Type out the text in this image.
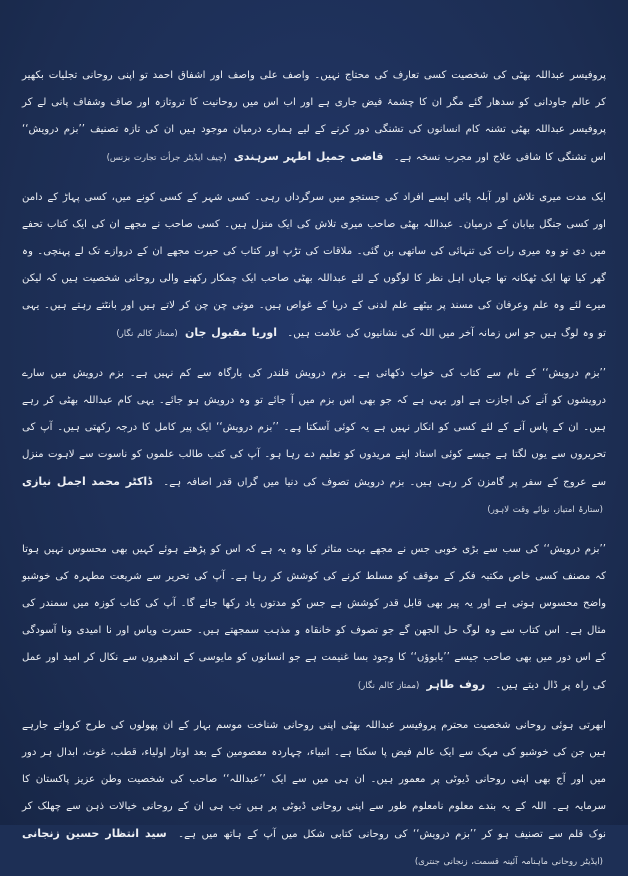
پروفیسر عبداللہ بھٹی کی شخصیت کسی تعارف کی محتاج نہیں۔ واصف علی واصف اور اشفاق احمد تو اپنی روحانی تجلیات بکھیر کر عالم جاودانی کو سدھار گئے مگر ان کا چشمۂ فیض جاری ہے اور اب اس میں روحانیت کا تروتازہ اور صاف وشفاف پانی لے کر پروفیسر عبداللہ بھٹی تشنہ کام انسانوں کی تشنگی دور کرنے کے لیے ہمارے درمیان موجود ہیں ان کی تازہ تصنیف ’’بزم درویش‘‘ اس تشنگی کا شافی علاج اور مجرب نسخہ ہے۔ قاضی جمیل اطہر سرہندی (چیف ایڈیٹر جرأت تجارت بزنس)

ایک مدت میری تلاش اور آبلہ پائی ایسے افراد کی جستجو میں سرگرداں رہی۔ کسی شہر کے کسی کونے میں، کسی پہاڑ کے دامن اور کسی جنگل بیابان کے درمیان۔ عبداللہ بھٹی صاحب میری تلاش کی ایک منزل ہیں۔ کسی صاحب نے مجھے ان کی ایک کتاب تحفے میں دی تو وہ میری رات کی تنہائی کی ساتھی بن گئی۔ ملاقات کی تڑپ اور کتاب کی حیرت مجھے ان کے دروازے تک لے پہنچی۔ وہ گھر کیا تھا ایک ٹھکانہ تھا جہاں اہل نظر کا لوگوں کے لئے عبداللہ بھٹی صاحب ایک چمکار رکھنے والی روحانی شخصیت ہیں کہ لیکن میرے لئے وہ علم وعرفان کی مسند پر بیٹھے علم لدنی کے دریا کے غواص ہیں۔ موتی چن چن کر لاتے ہیں اور بانٹتے رہتے ہیں۔ یہی تو وہ لوگ ہیں جو اس زمانہ آخر میں اللہ کی نشانیوں کی علامت ہیں۔ اوریا مقبول جان (ممتاز کالم نگار)

’’بزم درویش‘‘ کے نام سے کتاب کی خواب دکھاتی ہے۔ بزم درویش قلندر کی بارگاہ سے کم نہیں ہے۔ بزم درویش میں سارے درویشوں کو آنے کی اجازت ہے اور یہی ہے کہ جو بھی اس بزم میں آ جائے تو وہ درویش ہو جائے۔ یہی کام عبداللہ بھٹی کر رہے ہیں۔ ان کے پاس آنے کے لئے کسی کو انکار نہیں ہے یہ کوئی آسکتا ہے۔ ’’بزم درویش‘‘ ایک پیر کامل کا درجہ رکھتی ہیں۔ آپ کی تحریروں سے یوں لگتا ہے جیسے کوئی استاد اپنے مریدوں کو تعلیم دے رہا ہو۔ آپ کی کتب طالب علموں کو ناسوت سے لاہوت منزل سے عروج کے سفر پر گامزن کر رہی ہیں۔ بزم درویش تصوف کی دنیا میں گراں قدر اضافہ ہے۔ ڈاکٹر محمد اجمل نیازی (ستارۂ امتیاز، نوائے وقت لاہور)

’’بزم درویش‘‘ کی سب سے بڑی خوبی جس نے مجھے بہت متاثر کیا وہ یہ ہے کہ اس کو پڑھتے ہوئے کہیں بھی محسوس نہیں ہوتا کہ مصنف کسی خاص مکتبہ فکر کے موقف کو مسلط کرنے کی کوشش کر رہا ہے۔ آپ کی تحریر سے شریعت مطہرہ کی خوشبو واضح محسوس ہوتی ہے اور یہ پیر بھی قابل قدر کوشش ہے جس کو مدتوں یاد رکھا جائے گا۔ آپ کی کتاب کوزہ میں سمندر کی مثال ہے۔ اس کتاب سے وہ لوگ حل الجھن گے جو تصوف کو خانقاہ و مذہب سمجھتے ہیں۔ حسرت ویاس اور نا امیدی ونا آسودگی کے اس دور میں بھی صاحب جیسے ’’بابوؤں‘‘ کا وجود بسا غنیمت ہے جو انسانوں کو مایوسی کے اندھیروں سے نکال کر امید اور عمل کی راہ پر ڈال دیتے ہیں۔ روف طاہر (ممتاز کالم نگار)

ابھرتی ہوئی روحانی شخصیت محترم پروفیسر عبداللہ بھٹی اپنی روحانی شناخت موسم بہار کے ان پھولوں کی طرح کرواتے جارہے ہیں جن کی خوشبو کی مہک سے ایک عالم فیض پا سکتا ہے۔ انبیاء، چہاردہ معصومین کے بعد اوتار اولیاء، قطب، غوث، ابدال ہر دور میں اور آج بھی اپنی روحانی ڈیوٹی پر معمور ہیں۔ ان ہی میں سے ایک ’’عبداللہ‘‘ صاحب کی شخصیت وطن عزیز پاکستان کا سرمایہ ہے۔ اللہ کے یہ بندے معلوم نامعلوم طور سے اپنی روحانی ڈیوٹی پر ہیں تب ہی ان کے روحانی خیالات ذہن سے چھلک کر نوک قلم سے تصنیف ہو کر ’’بزم درویش‘‘ کی روحانی کتابی شکل میں آپ کے ہاتھ میں ہے۔ سید انتظار حسین زنجانی (ایڈیٹر روحانی ماہنامہ آئینہ قسمت، زنجانی جنتری)
